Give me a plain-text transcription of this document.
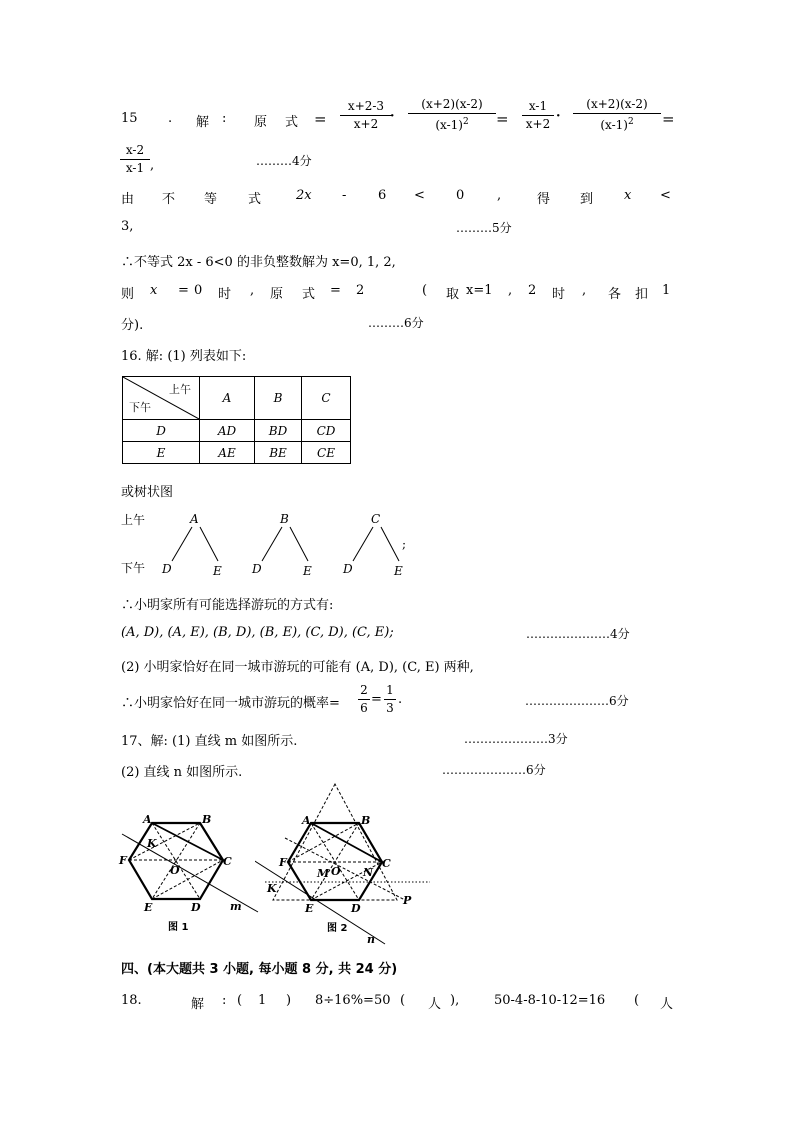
15 . 解 : 原式
=
x+2-3
x+2 ·
(x+2)(x-2)
$(x-1)^2$	=
x-1
x+2 ·
(x+2)(x-2)
$(x-1)^2$	=
x-2
x-1 ,	………4分
由 不 等 式	2x - 6 < 0	,	得 到 x <
3,	………5分
∴不等式 2x - 6<0 的非负整数解为 x=0, 1, 2,
则 x = 0 时 , 原 式 = 2	( 取 x=1 , 2 时 , 各 扣 1
分).	………6分
16. 解: (1) 列表如下:
上午
下午	A	B	C
D	AD	BD	CD
E	AE	BE	CE
或树状图
上午
下午
A
D	E
B
D	E
C
D	E
;
∴小明家所有可能选择游玩的方式有:
(A, D), (A, E), (B, D), (B, E), (C, D), (C, E);	…………………4分
(2) 小明家恰好在同一城市游玩的可能有 (A, D), (C, E) 两种,
∴小明家恰好在同一城市游玩的概率=
2
6
=
1
3
.	…………………6分
17、解: (1) 直线 m 如图所示.	…………………3分
(2) 直线 n 如图所示.	…………………6分
A	B
C
D
E
F
K
O
m
图 1
A	B
C
D
E
F
K
M O N
P
n
图 2
四、(本大题共 3 小题, 每小题 8 分, 共 24 分)
18.	解 : ( 1 ) 8÷16%=50 ( 人 ),	50-4-8-10-12=16 ( 人
